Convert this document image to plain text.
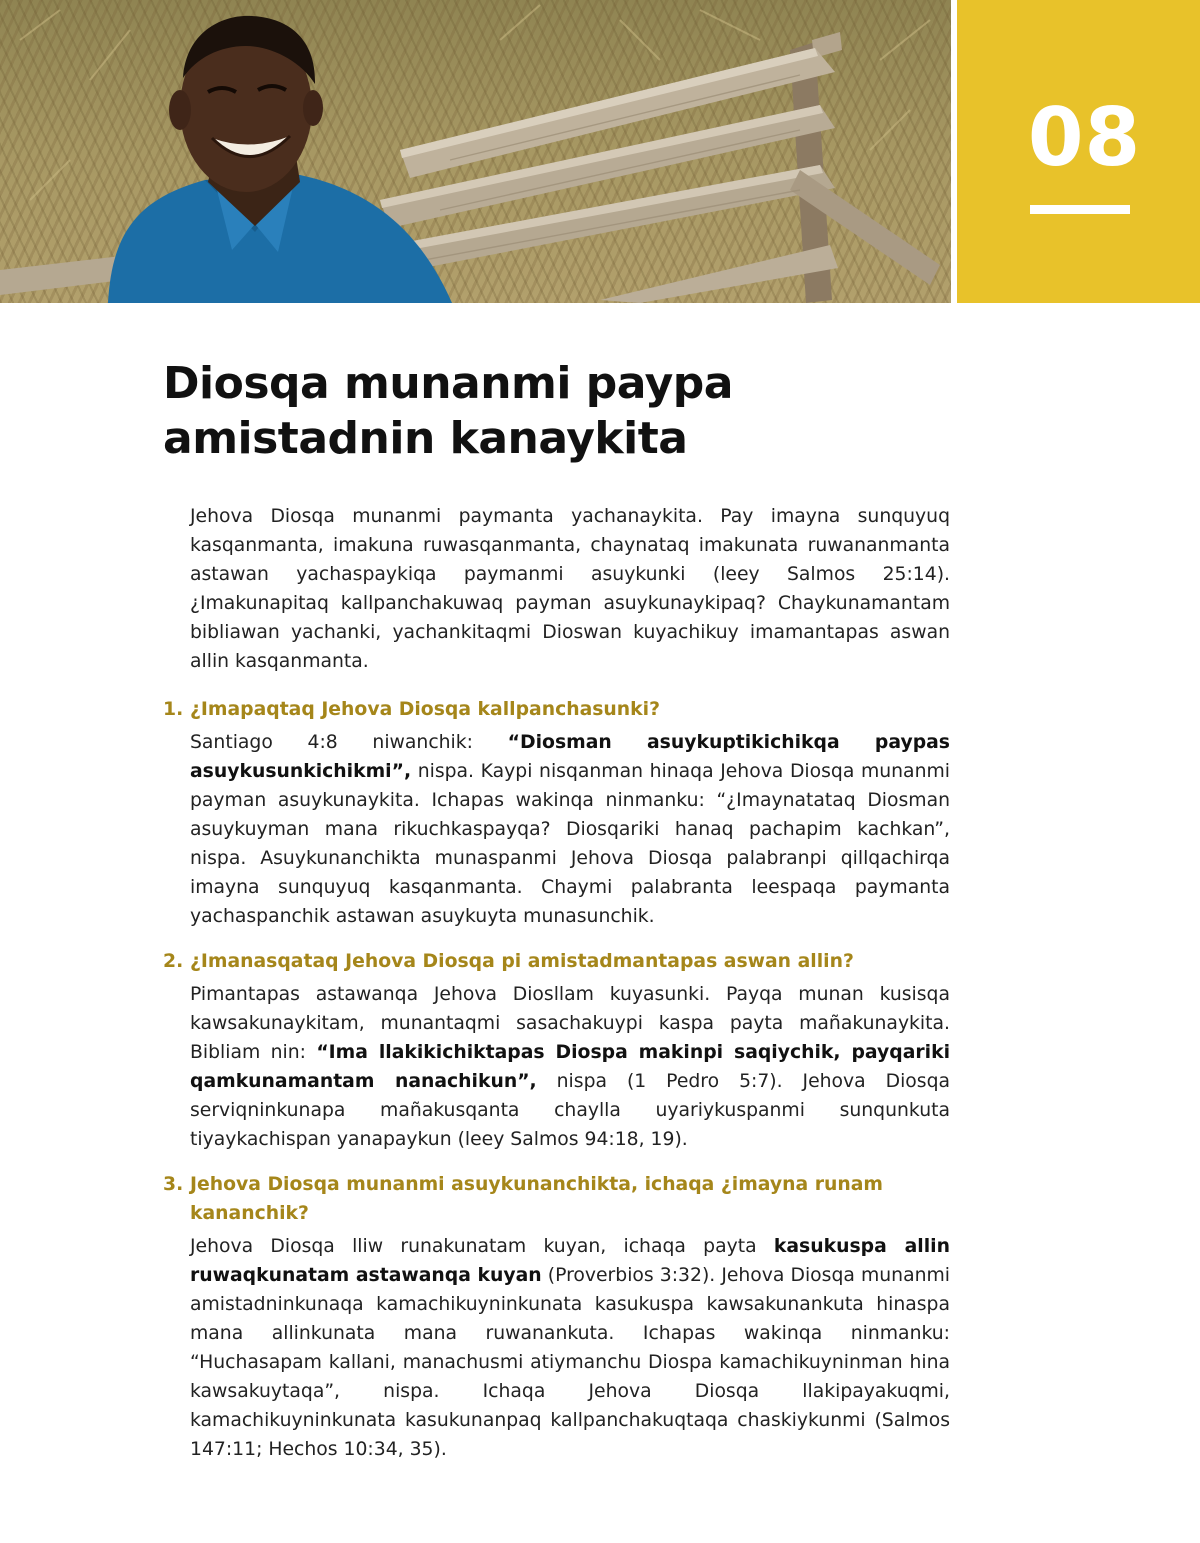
08
Diosqa munanmi paypa
amistadnin kanaykita

Jehova Diosqa munanmi paymanta yachanaykita. Pay imayna sunquyuq kasqanmanta, imakuna ruwasqanmanta, chaynataq imakunata ruwananmanta astawan yachaspaykiqa paymanmi asuykunki (leey Salmos 25:14). ¿Imakunapitaq kallpanchakuwaq payman asuykunaykipaq? Chaykunamantam bibliawan yachanki, yachankitaqmi Dioswan kuyachikuy imamantapas aswan allin kasqanmanta.

1. ¿Imapaqtaq Jehova Diosqa kallpanchasunki?

Santiago 4:8 niwanchik: “Diosman asuykuptikichikqa paypas asuykusunkichikmi”, nispa. Kaypi nisqanman hinaqa Jehova Diosqa munanmi payman asuykunaykita. Ichapas wakinqa ninmanku: “¿Imaynatataq Diosman asuykuyman mana rikuchkaspayqa? Diosqariki hanaq pachapim kachkan”, nispa. Asuykunanchikta munaspanmi Jehova Diosqa palabranpi qillqachirqa imayna sunquyuq kasqanmanta. Chaymi palabranta leespaqa paymanta yachaspanchik astawan asuykuyta munasunchik.

2. ¿Imanasqataq Jehova Diosqa pi amistadmantapas aswan allin?

Pimantapas astawanqa Jehova Diosllam kuyasunki. Payqa munan kusisqa kawsakunaykitam, munantaqmi sasachakuypi kaspa payta mañakunaykita. Bibliam nin: “Ima llakikichiktapas Diospa makinpi saqiychik, payqariki qamkunamantam nanachikun”, nispa (1 Pedro 5:7). Jehova Diosqa serviqninkunapa mañakusqanta chaylla uyariykuspanmi sunqunkuta tiyaykachispan yanapaykun (leey Salmos 94:18, 19).

3. Jehova Diosqa munanmi asuykunanchikta, ichaqa ¿imayna runam kananchik?

Jehova Diosqa lliw runakunatam kuyan, ichaqa payta kasukuspa allin ruwaqkunatam astawanqa kuyan (Proverbios 3:32). Jehova Diosqa munanmi amistadninkunaqa kamachikuyninkunata kasukuspa kawsakunankuta hinaspa mana allinkunata mana ruwanankuta. Ichapas wakinqa ninmanku: “Huchasapam kallani, manachusmi atiymanchu Diospa kamachikuyninman hina kawsakuytaqa”, nispa. Ichaqa Jehova Diosqa llakipayakuqmi, kamachikuyninkunata kasukunanpaq kallpanchakuqtaqa chaskiykunmi (Salmos 147:11; Hechos 10:34, 35).
